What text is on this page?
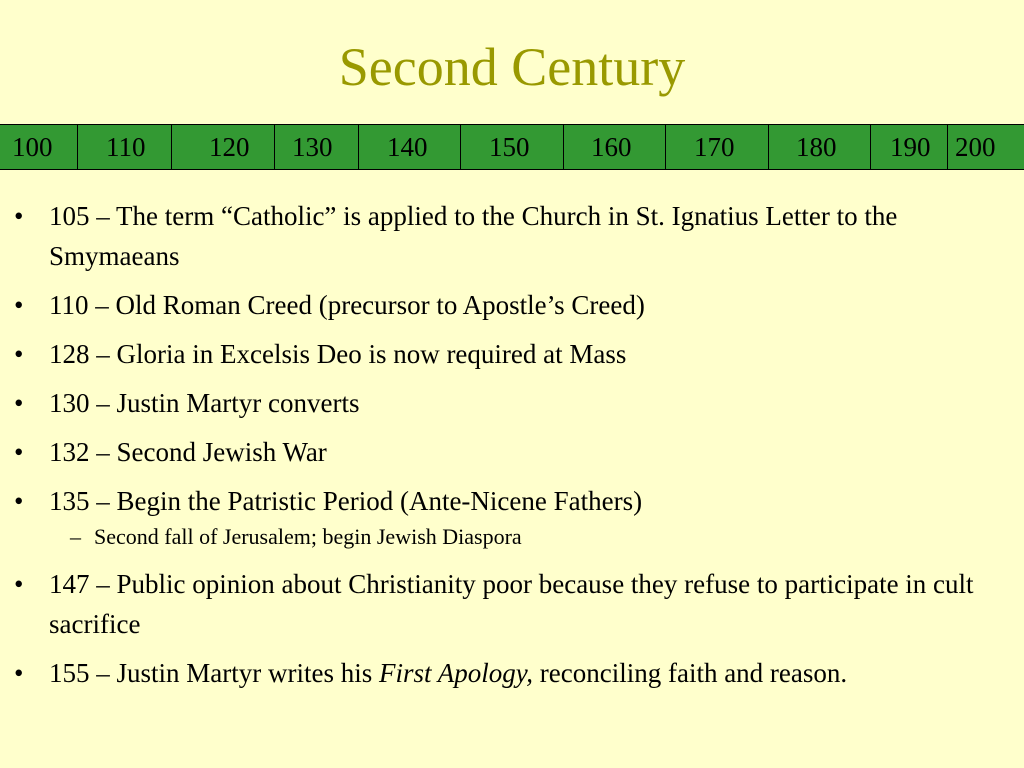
Second Century
100	110	120	130	140	150	160	170	180	190 200
• 105 – The term “Catholic” is applied to the Church in St. Ignatius Letter to the Smymaeans
• 110 – Old Roman Creed (precursor to Apostle’s Creed)
• 128 – Gloria in Excelsis Deo is now required at Mass
• 130 – Justin Martyr converts
• 132 – Second Jewish War
• 135 – Begin the Patristic Period (Ante-Nicene Fathers)
– Second fall of Jerusalem; begin Jewish Diaspora
• 147 – Public opinion about Christianity poor because they refuse to participate in cult sacrifice
• 155 – Justin Martyr writes his First Apology, reconciling faith and reason.
